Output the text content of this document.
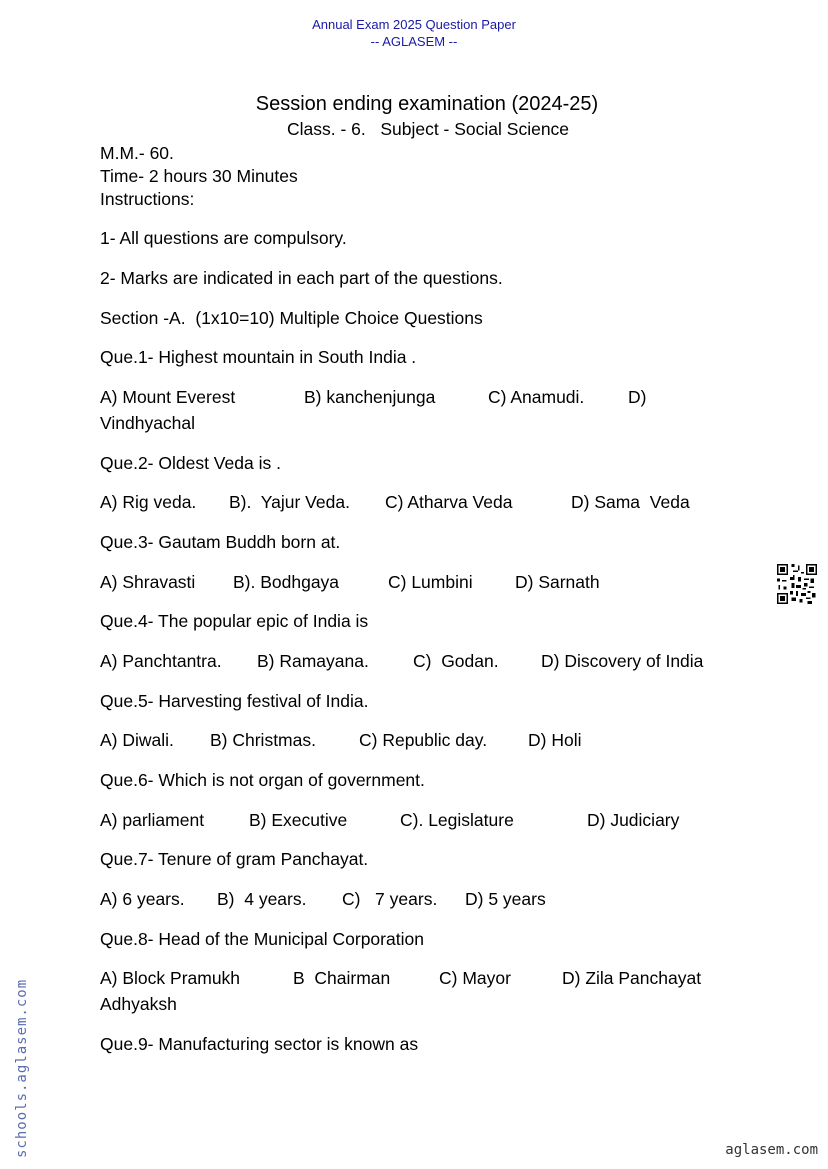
Annual Exam 2025 Question Paper
-- AGLASEM --
Session ending examination (2024-25)
Class. - 6.   Subject - Social Science
M.M.- 60.
Time- 2 hours 30 Minutes
Instructions:
1- All questions are compulsory.
2- Marks are indicated in each part of the questions.
Section -A.  (1x10=10) Multiple Choice Questions
Que.1- Highest mountain in South India .
A) Mount Everest	B) kanchenjunga	C) Anamudi. D)
Vindhyachal
Que.2- Oldest Veda is .
A) Rig veda. B).  Yajur Veda. C) Atharva Veda	D) Sama  Veda
Que.3- Gautam Buddh born at.
A) Shravasti B). Bodhgaya	C) Lumbini D) Sarnath
Que.4- The popular epic of India is
A) Panchtantra. B) Ramayana.	C)  Godan. D) Discovery of India
Que.5- Harvesting festival of India.
A) Diwali. B) Christmas. C) Republic day. D) Holi
Que.6- Which is not organ of government.
A) parliament	B) Executive	C). Legislature	D) Judiciary
Que.7- Tenure of gram Panchayat.
A) 6 years. B)  4 years. C)   7 years. D) 5 years
Que.8- Head of the Municipal Corporation
A) Block Pramukh	B  Chairman	C) Mayor	D) Zila Panchayat
Adhyaksh
Que.9- Manufacturing sector is known as
schools.aglasem.com	aglasem.com
